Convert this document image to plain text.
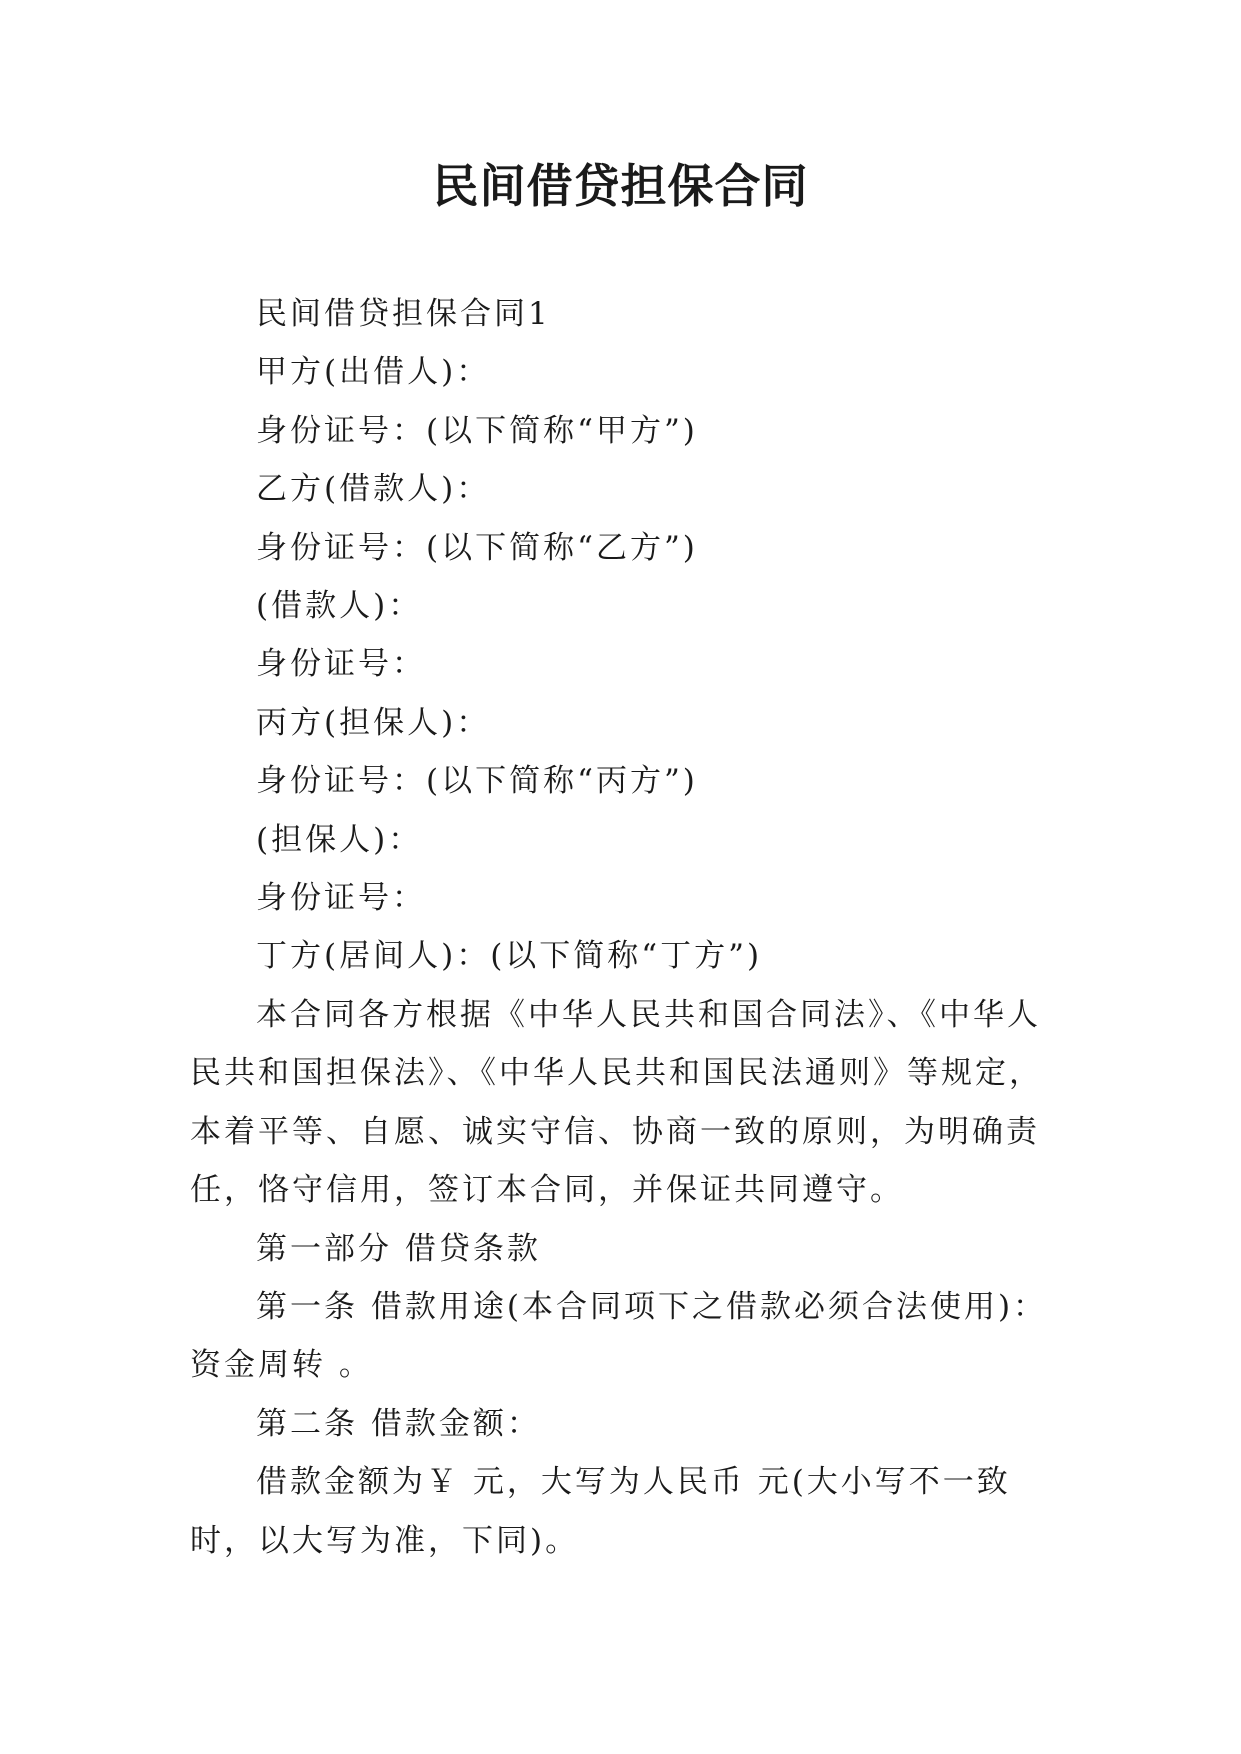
民间借贷担保合同

民间借贷担保合同1

甲方(出借人)：

身份证号：(以下简称“甲方”)

乙方(借款人)：

身份证号：(以下简称“乙方”)

(借款人)：

身份证号：

丙方(担保人)：

身份证号：(以下简称“丙方”)

(担保人)：

身份证号：

丁方(居间人)：(以下简称“丁方”)

本合同各方根据《中华人民共和国合同法》、《中华人民共和国担保法》、《中华人民共和国民法通则》等规定，本着平等、自愿、诚实守信、协商一致的原则，为明确责任，恪守信用，签订本合同，并保证共同遵守。

第一部分 借贷条款

第一条 借款用途(本合同项下之借款必须合法使用)：资金周转 。

第二条 借款金额：

借款金额为￥ 元，大写为人民币 元(大小写不一致时，以大写为准，下同)。
